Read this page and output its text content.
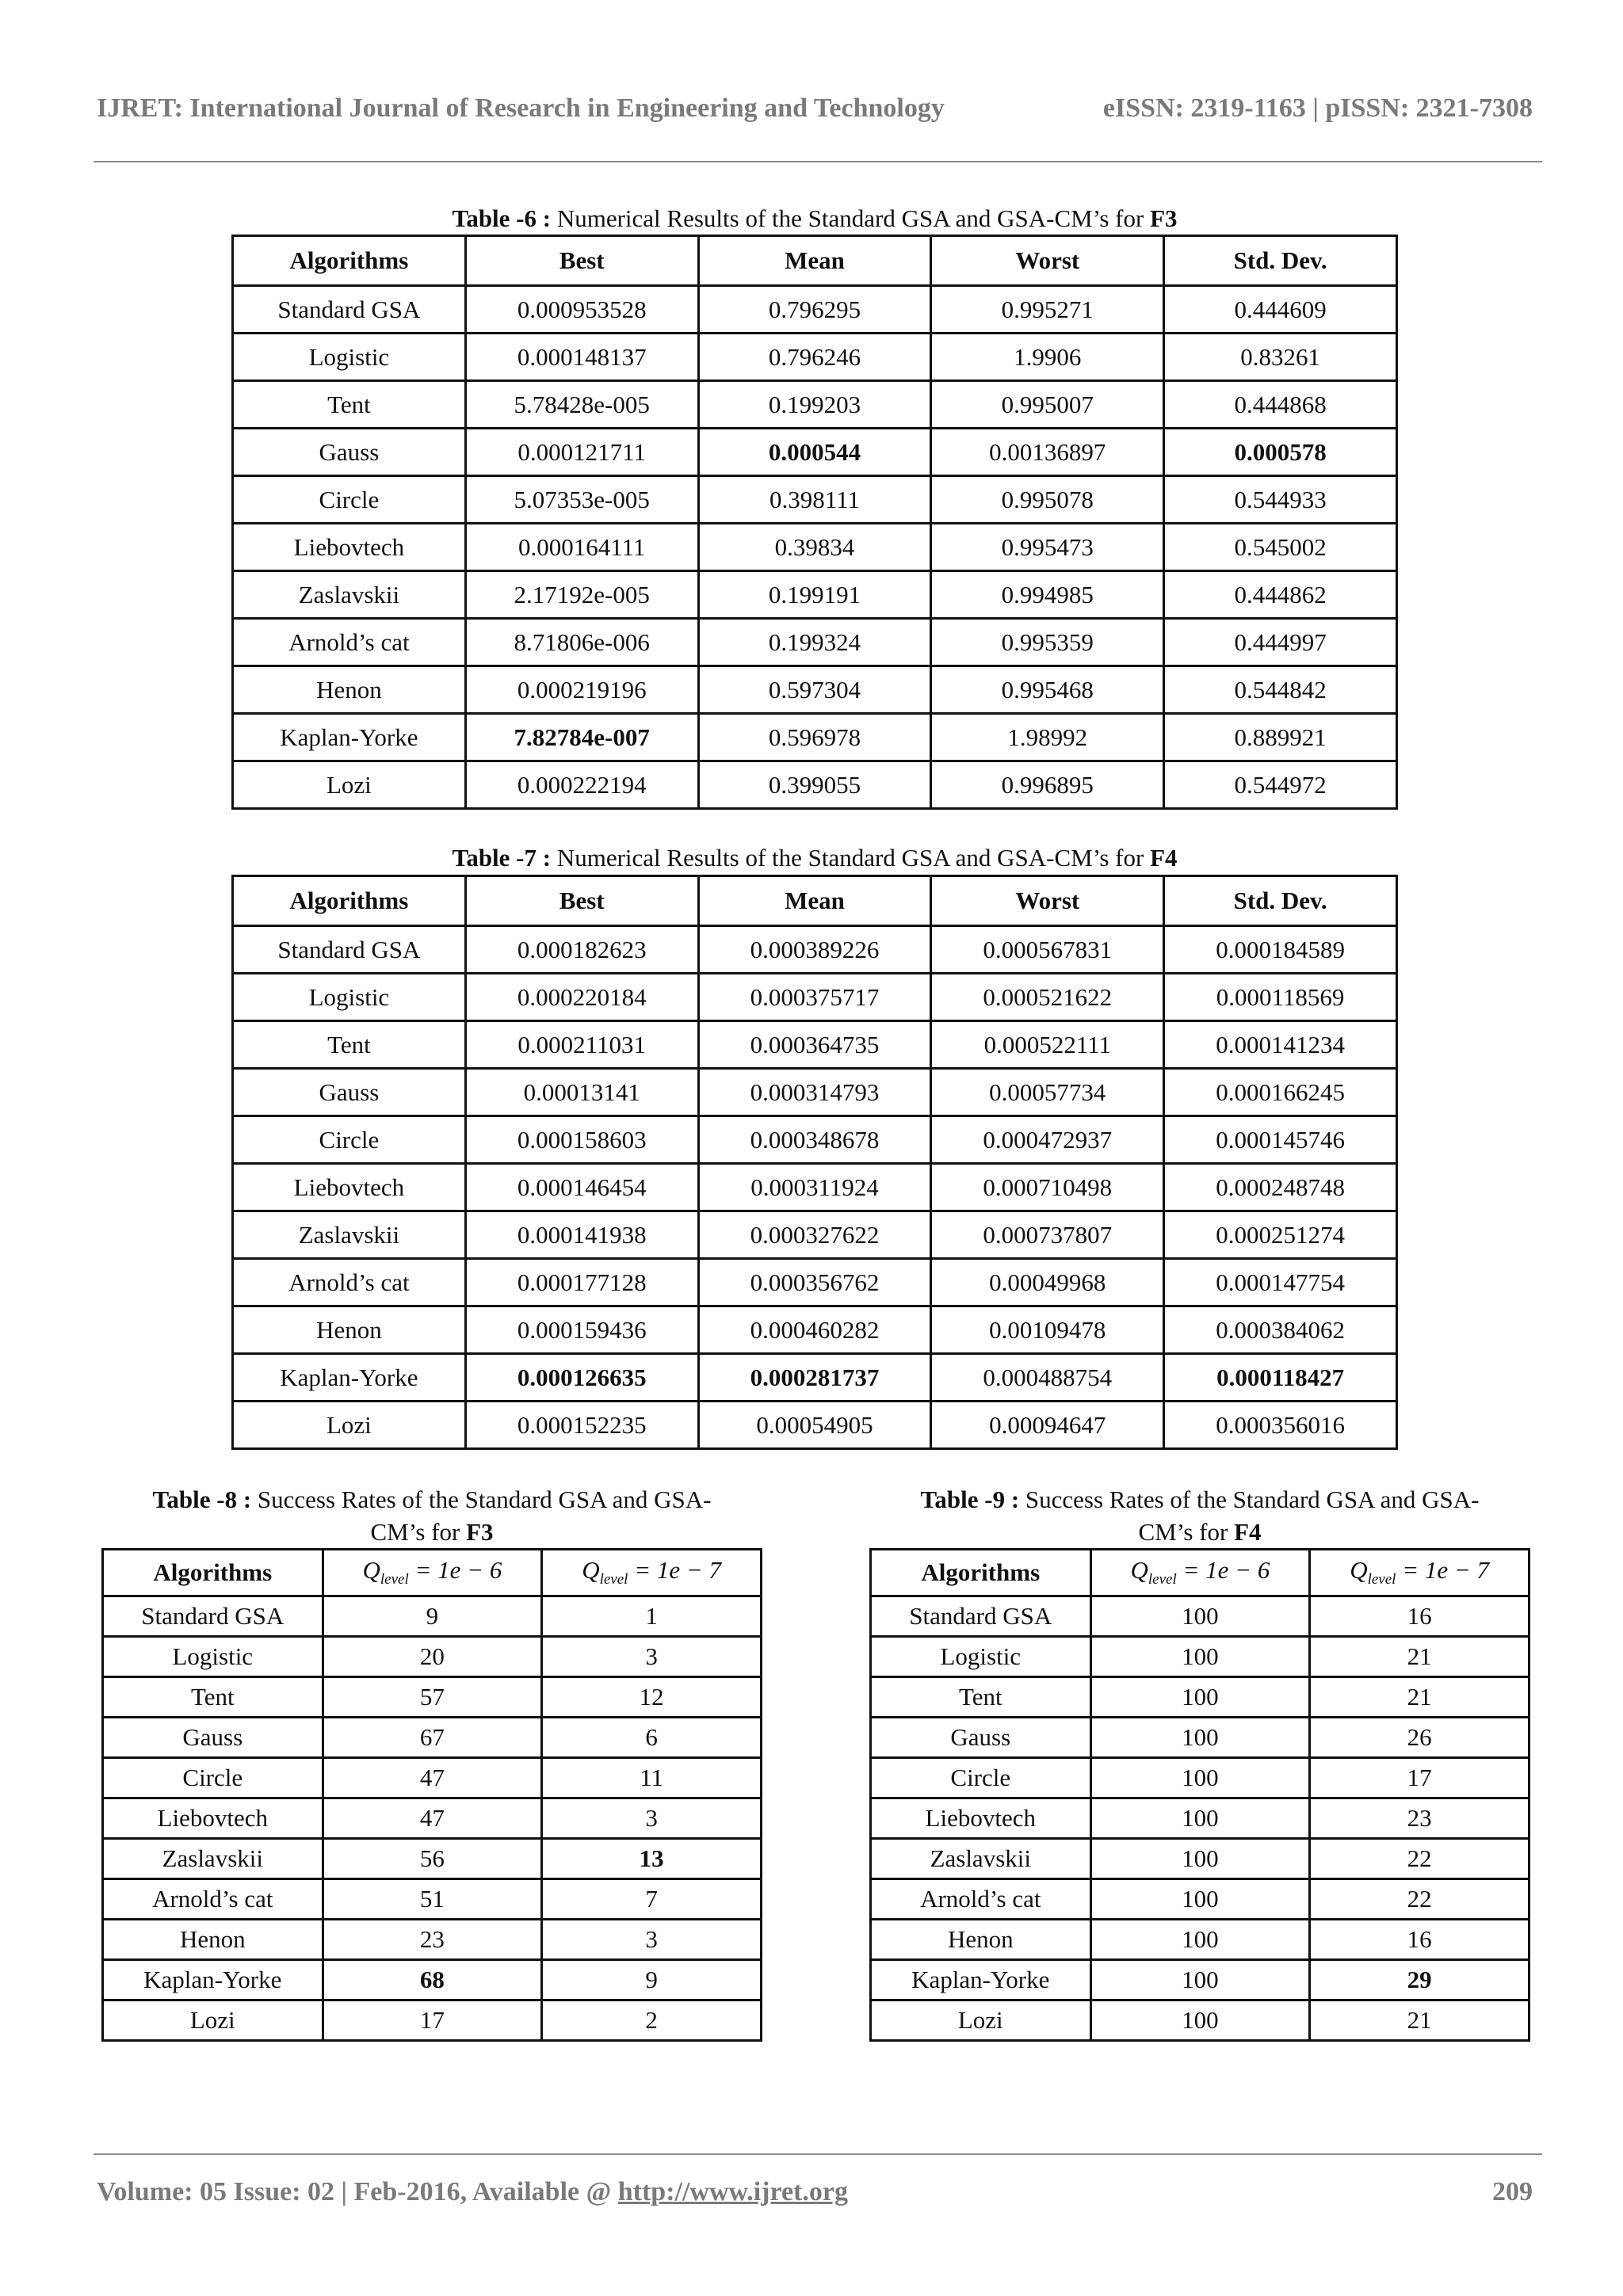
IJRET: International Journal of Research in Engineering and Technology	eISSN: 2319-1163 | pISSN: 2321-7308
Table -6 : Numerical Results of the Standard GSA and GSA-CM’s for F3
Algorithms	Best	Mean	Worst	Std. Dev.
Standard GSA	0.000953528	0.796295	0.995271	0.444609
Logistic	0.000148137	0.796246	1.9906	0.83261
Tent	5.78428e-005	0.199203	0.995007	0.444868
Gauss	0.000121711	0.000544	0.00136897	0.000578
Circle	5.07353e-005	0.398111	0.995078	0.544933
Liebovtech	0.000164111	0.39834	0.995473	0.545002
Zaslavskii	2.17192e-005	0.199191	0.994985	0.444862
Arnold’s cat	8.71806e-006	0.199324	0.995359	0.444997
Henon	0.000219196	0.597304	0.995468	0.544842
Kaplan-Yorke	7.82784e-007	0.596978	1.98992	0.889921
Lozi	0.000222194	0.399055	0.996895	0.544972
Table -7 : Numerical Results of the Standard GSA and GSA-CM’s for F4
Algorithms	Best	Mean	Worst	Std. Dev.
Standard GSA	0.000182623	0.000389226	0.000567831	0.000184589
Logistic	0.000220184	0.000375717	0.000521622	0.000118569
Tent	0.000211031	0.000364735	0.000522111	0.000141234
Gauss	0.00013141	0.000314793	0.00057734	0.000166245
Circle	0.000158603	0.000348678	0.000472937	0.000145746
Liebovtech	0.000146454	0.000311924	0.000710498	0.000248748
Zaslavskii	0.000141938	0.000327622	0.000737807	0.000251274
Arnold’s cat	0.000177128	0.000356762	0.00049968	0.000147754
Henon	0.000159436	0.000460282	0.00109478	0.000384062
Kaplan-Yorke	0.000126635	0.000281737	0.000488754	0.000118427
Lozi	0.000152235	0.00054905	0.00094647	0.000356016
Table -8 : Success Rates of the Standard GSA and GSA-
CM’s for F3
Algorithms	$Q_{level} = 1e - 6$	$Q_{level} = 1e - 7$
Standard GSA	9	1
Logistic	20	3
Tent	57	12
Gauss	67	6
Circle	47	11
Liebovtech	47	3
Zaslavskii	56	13
Arnold’s cat	51	7
Henon	23	3
Kaplan-Yorke	68	9
Lozi	17	2
Table -9 : Success Rates of the Standard GSA and GSA-
CM’s for F4
Algorithms	$Q_{level} = 1e - 6$	$Q_{level} = 1e - 7$
Standard GSA	100	16
Logistic	100	21
Tent	100	21
Gauss	100	26
Circle	100	17
Liebovtech	100	23
Zaslavskii	100	22
Arnold’s cat	100	22
Henon	100	16
Kaplan-Yorke	100	29
Lozi	100	21
Volume: 05 Issue: 02 | Feb-2016, Available @ http://www.ijret.org	209
